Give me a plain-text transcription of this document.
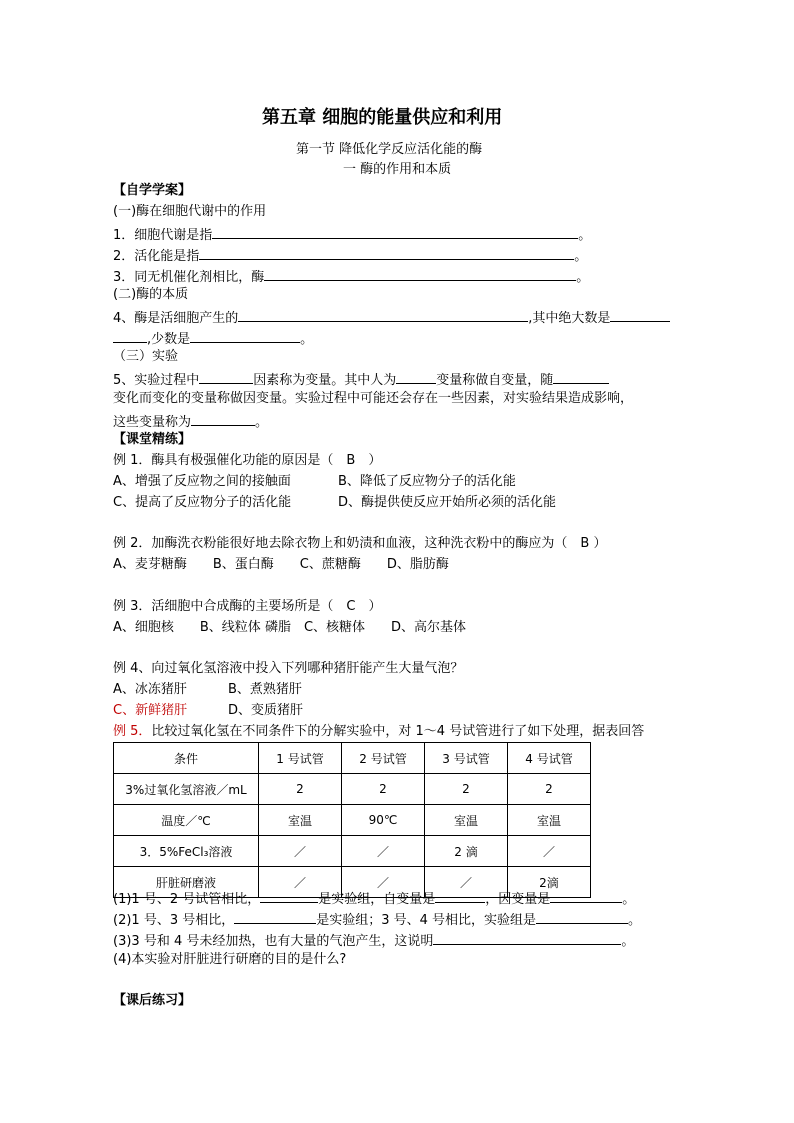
第五章 细胞的能量供应和利用
第一节 降低化学反应活化能的酶
一 酶的作用和本质
【自学学案】
(一)酶在细胞代谢中的作用
1．细胞代谢是指	。
2．活化能是指	。
3．同无机催化剂相比，酶	。
(二)酶的本质
4、酶是活细胞产生的	,其中绝大数是
,少数是	。
（三）实验
5、实验过程中	因素称为变量。其中人为	变量称做自变量，随
变化而变化的变量称做因变量。实验过程中可能还会存在一些因素，对实验结果造成影响，
这些变量称为	。
【课堂精练】
例 1．酶具有极强催化功能的原因是（　B　）
A、增强了反应物之间的接触面	B、降低了反应物分子的活化能
C、提高了反应物分子的活化能	D、酶提供使反应开始所必须的活化能
例 2．加酶洗衣粉能很好地去除衣物上和奶渍和血液，这种洗衣粉中的酶应为（　B ）
A、麦芽糖酶　　B、蛋白酶　　C、蔗糖酶　　D、脂肪酶
例 3．活细胞中合成酶的主要场所是（　C　）
A、细胞核　　B、线粒体 磷脂　C、核糖体　　D、高尔基体
例 4、向过氧化氢溶液中投入下列哪种猪肝能产生大量气泡？
A、冰冻猪肝	B、煮熟猪肝
C、新鲜猪肝	D、变质猪肝
例 5．比较过氧化氢在不同条件下的分解实验中，对 1～4 号试管进行了如下处理，据表回答
条件	1 号试管	2 号试管	3 号试管	4 号试管
3%过氧化氢溶液／mL	2	2	2	2
温度／℃	室温	90℃	室温	室温
3．5%FeCl₃溶液	／	／	2 滴	／
肝脏研磨液	／	／	／	2滴
(1)1 号、2 号试管相比，	是实验组，自变量是	，因变量是	。
(2)1 号、3 号相比，	是实验组；3 号、4 号相比，实验组是	。
(3)3 号和 4 号未经加热，也有大量的气泡产生，这说明	。
(4)本实验对肝脏进行研磨的目的是什么?
【课后练习】
